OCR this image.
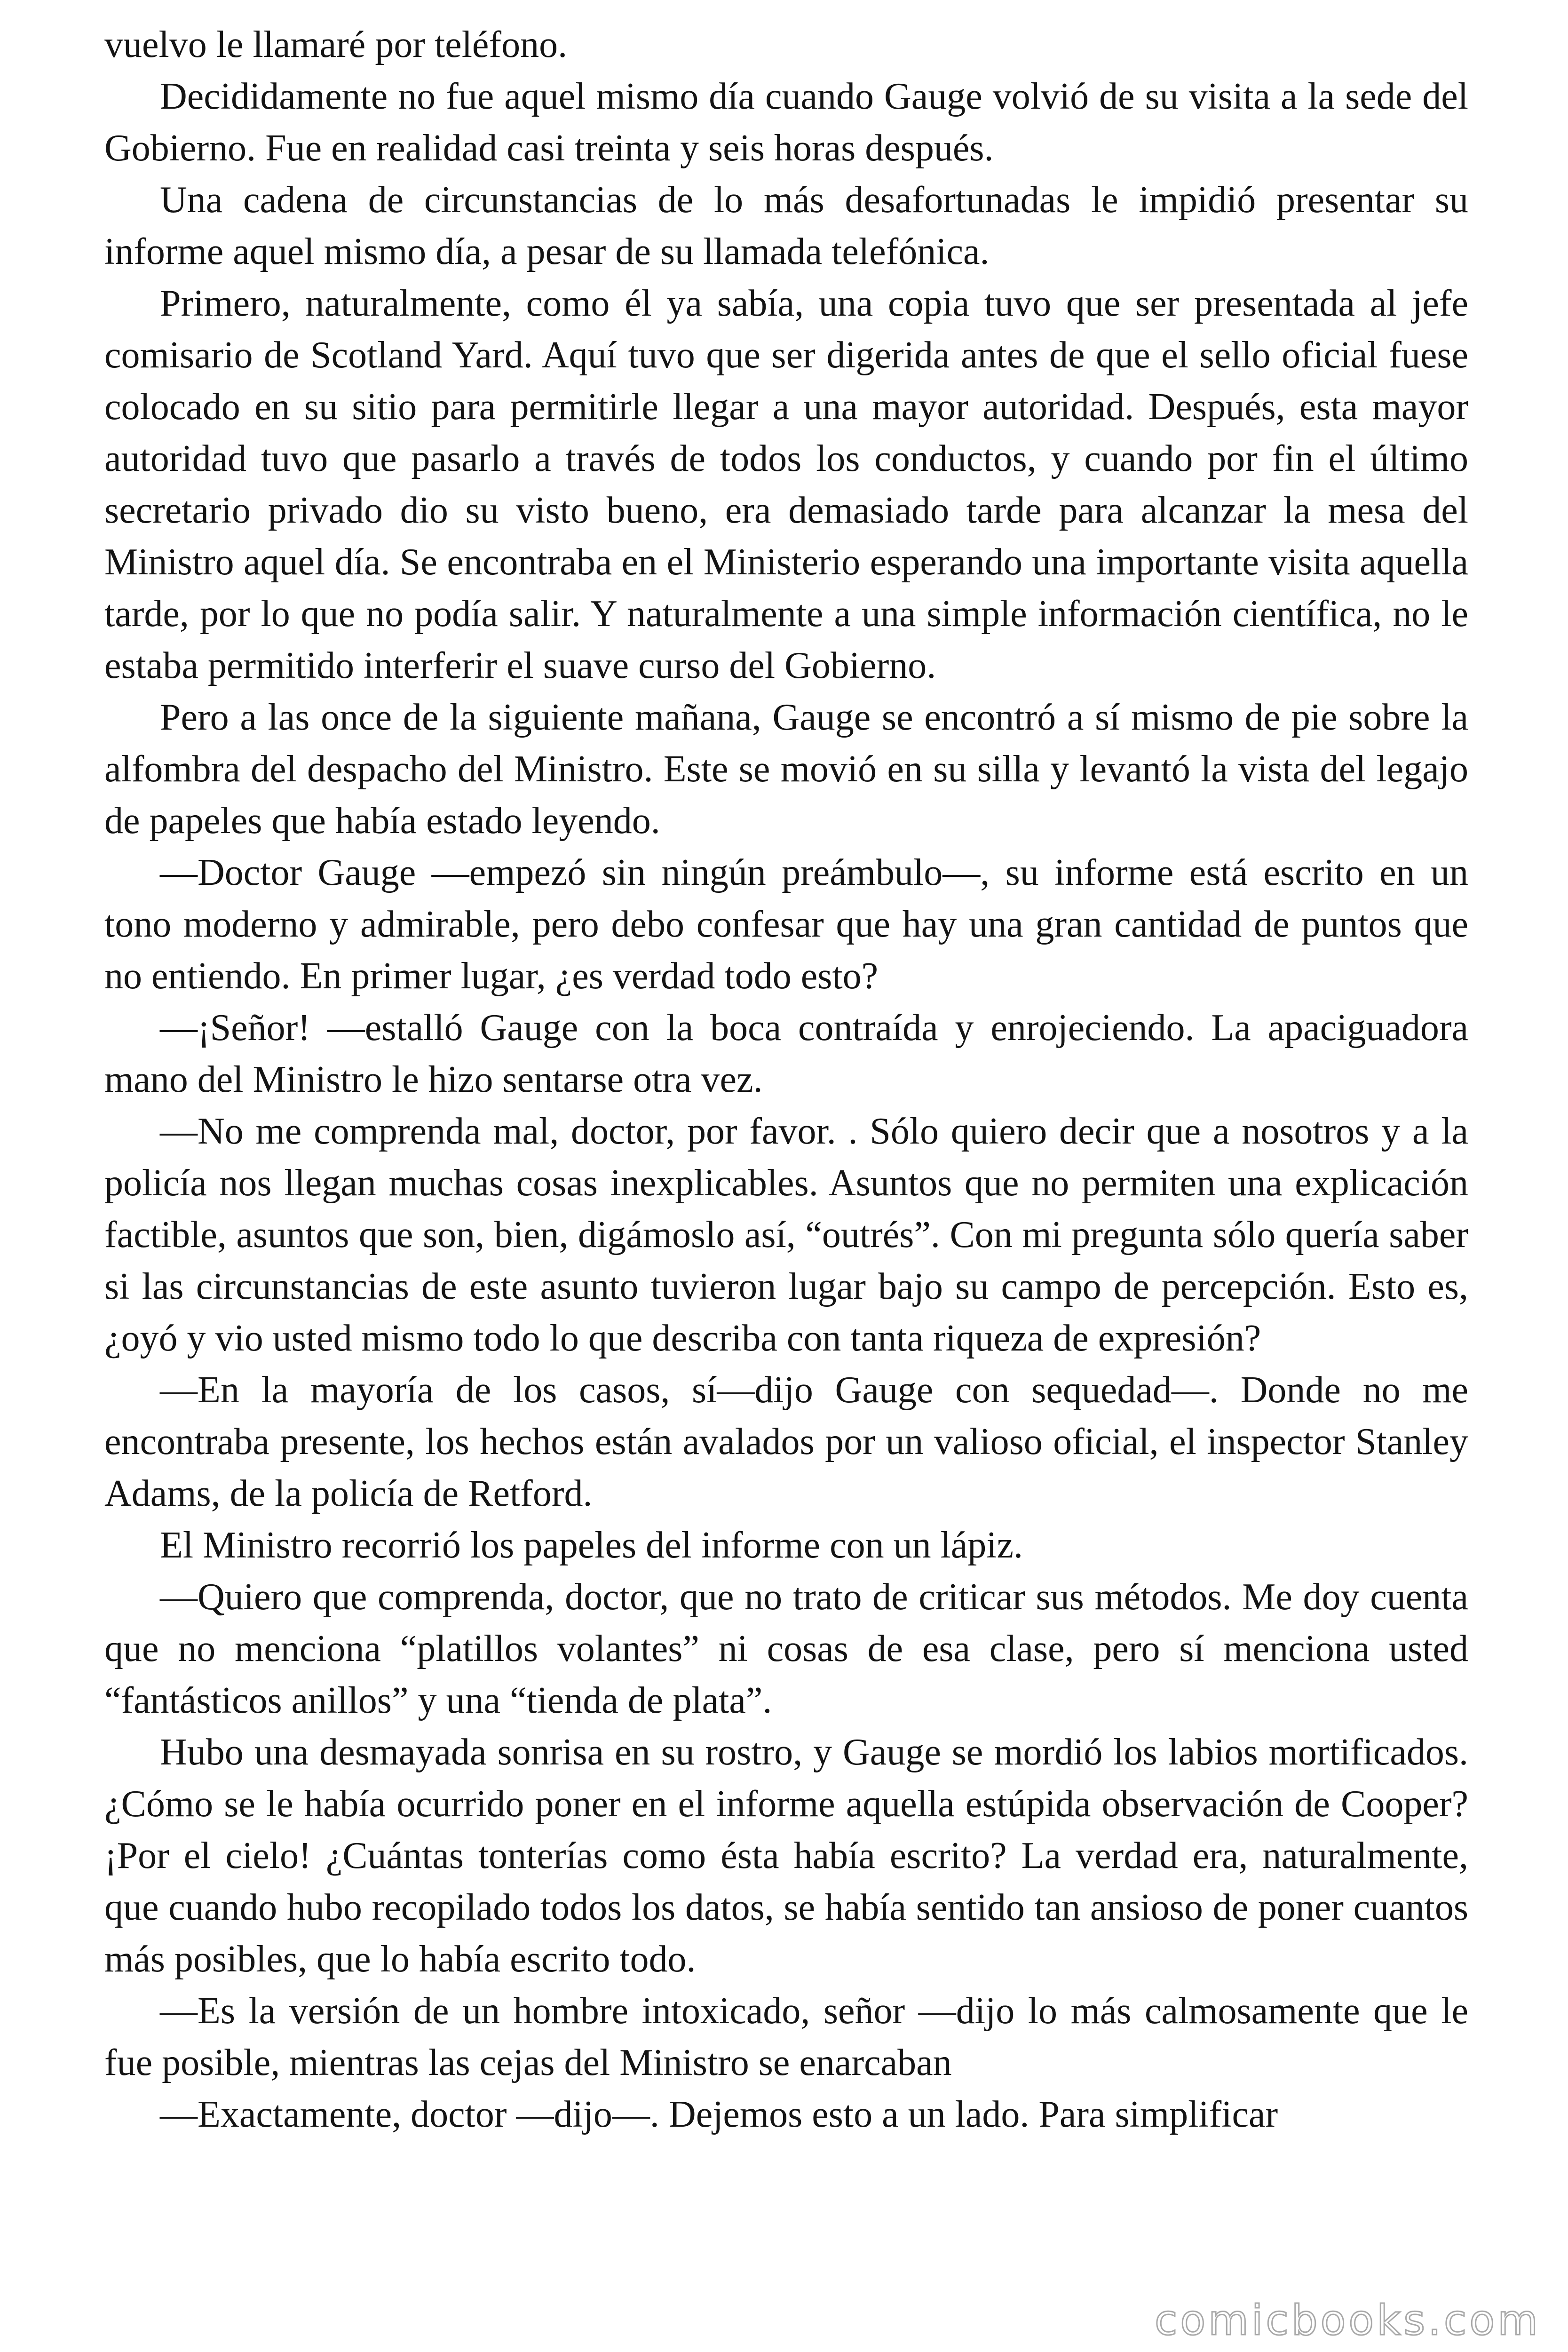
vuelvo le llamaré por teléfono.

Decididamente no fue aquel mismo día cuando Gauge volvió de su visita a la sede del Gobierno. Fue en realidad casi treinta y seis horas después.

Una cadena de circunstancias de lo más desafortunadas le impidió presentar su informe aquel mismo día, a pesar de su llamada telefónica.

Primero, naturalmente, como él ya sabía, una copia tuvo que ser presentada al jefe comisario de Scotland Yard. Aquí tuvo que ser digerida antes de que el sello oficial fuese colocado en su sitio para permitirle llegar a una mayor autoridad. Después, esta mayor autoridad tuvo que pasarlo a través de todos los conductos, y cuando por fin el último secretario privado dio su visto bueno, era demasiado tarde para alcanzar la mesa del Ministro aquel día. Se encontraba en el Ministerio esperando una importante visita aquella tarde, por lo que no podía salir. Y naturalmente a una simple información científica, no le estaba permitido interferir el suave curso del Gobierno.

Pero a las once de la siguiente mañana, Gauge se encontró a sí mismo de pie sobre la alfombra del despacho del Ministro. Este se movió en su silla y levantó la vista del legajo de papeles que había estado leyendo.

—Doctor Gauge —empezó sin ningún preámbulo—, su informe está escrito en un tono moderno y admirable, pero debo confesar que hay una gran cantidad de puntos que no entiendo. En primer lugar, ¿es verdad todo esto?

—¡Señor! —estalló Gauge con la boca contraída y enrojeciendo. La apaciguadora mano del Ministro le hizo sentarse otra vez.

—No me comprenda mal, doctor, por favor. . Sólo quiero decir que a nosotros y a la policía nos llegan muchas cosas inexplicables. Asuntos que no permiten una explicación factible, asuntos que son, bien, digámoslo así, “outrés”. Con mi pregunta sólo quería saber si las circunstancias de este asunto tuvieron lugar bajo su campo de percepción. Esto es, ¿oyó y vio usted mismo todo lo que describa con tanta riqueza de expresión?

—En la mayoría de los casos, sí—dijo Gauge con sequedad—. Donde no me encontraba presente, los hechos están avalados por un valioso oficial, el inspector Stanley Adams, de la policía de Retford.

El Ministro recorrió los papeles del informe con un lápiz.

—Quiero que comprenda, doctor, que no trato de criticar sus métodos. Me doy cuenta que no menciona “platillos volantes” ni cosas de esa clase, pero sí menciona usted “fantásticos anillos” y una “tienda de plata”.

Hubo una desmayada sonrisa en su rostro, y Gauge se mordió los labios mortificados. ¿Cómo se le había ocurrido poner en el informe aquella estúpida observación de Cooper? ¡Por el cielo! ¿Cuántas tonterías como ésta había escrito? La verdad era, naturalmente, que cuando hubo recopilado todos los datos, se había sentido tan ansioso de poner cuantos más posibles, que lo había escrito todo.

—Es la versión de un hombre intoxicado, señor —dijo lo más calmosamente que le fue posible, mientras las cejas del Ministro se enarcaban

—Exactamente, doctor —dijo—. Dejemos esto a un lado. Para simplificar

comicbooks.com
